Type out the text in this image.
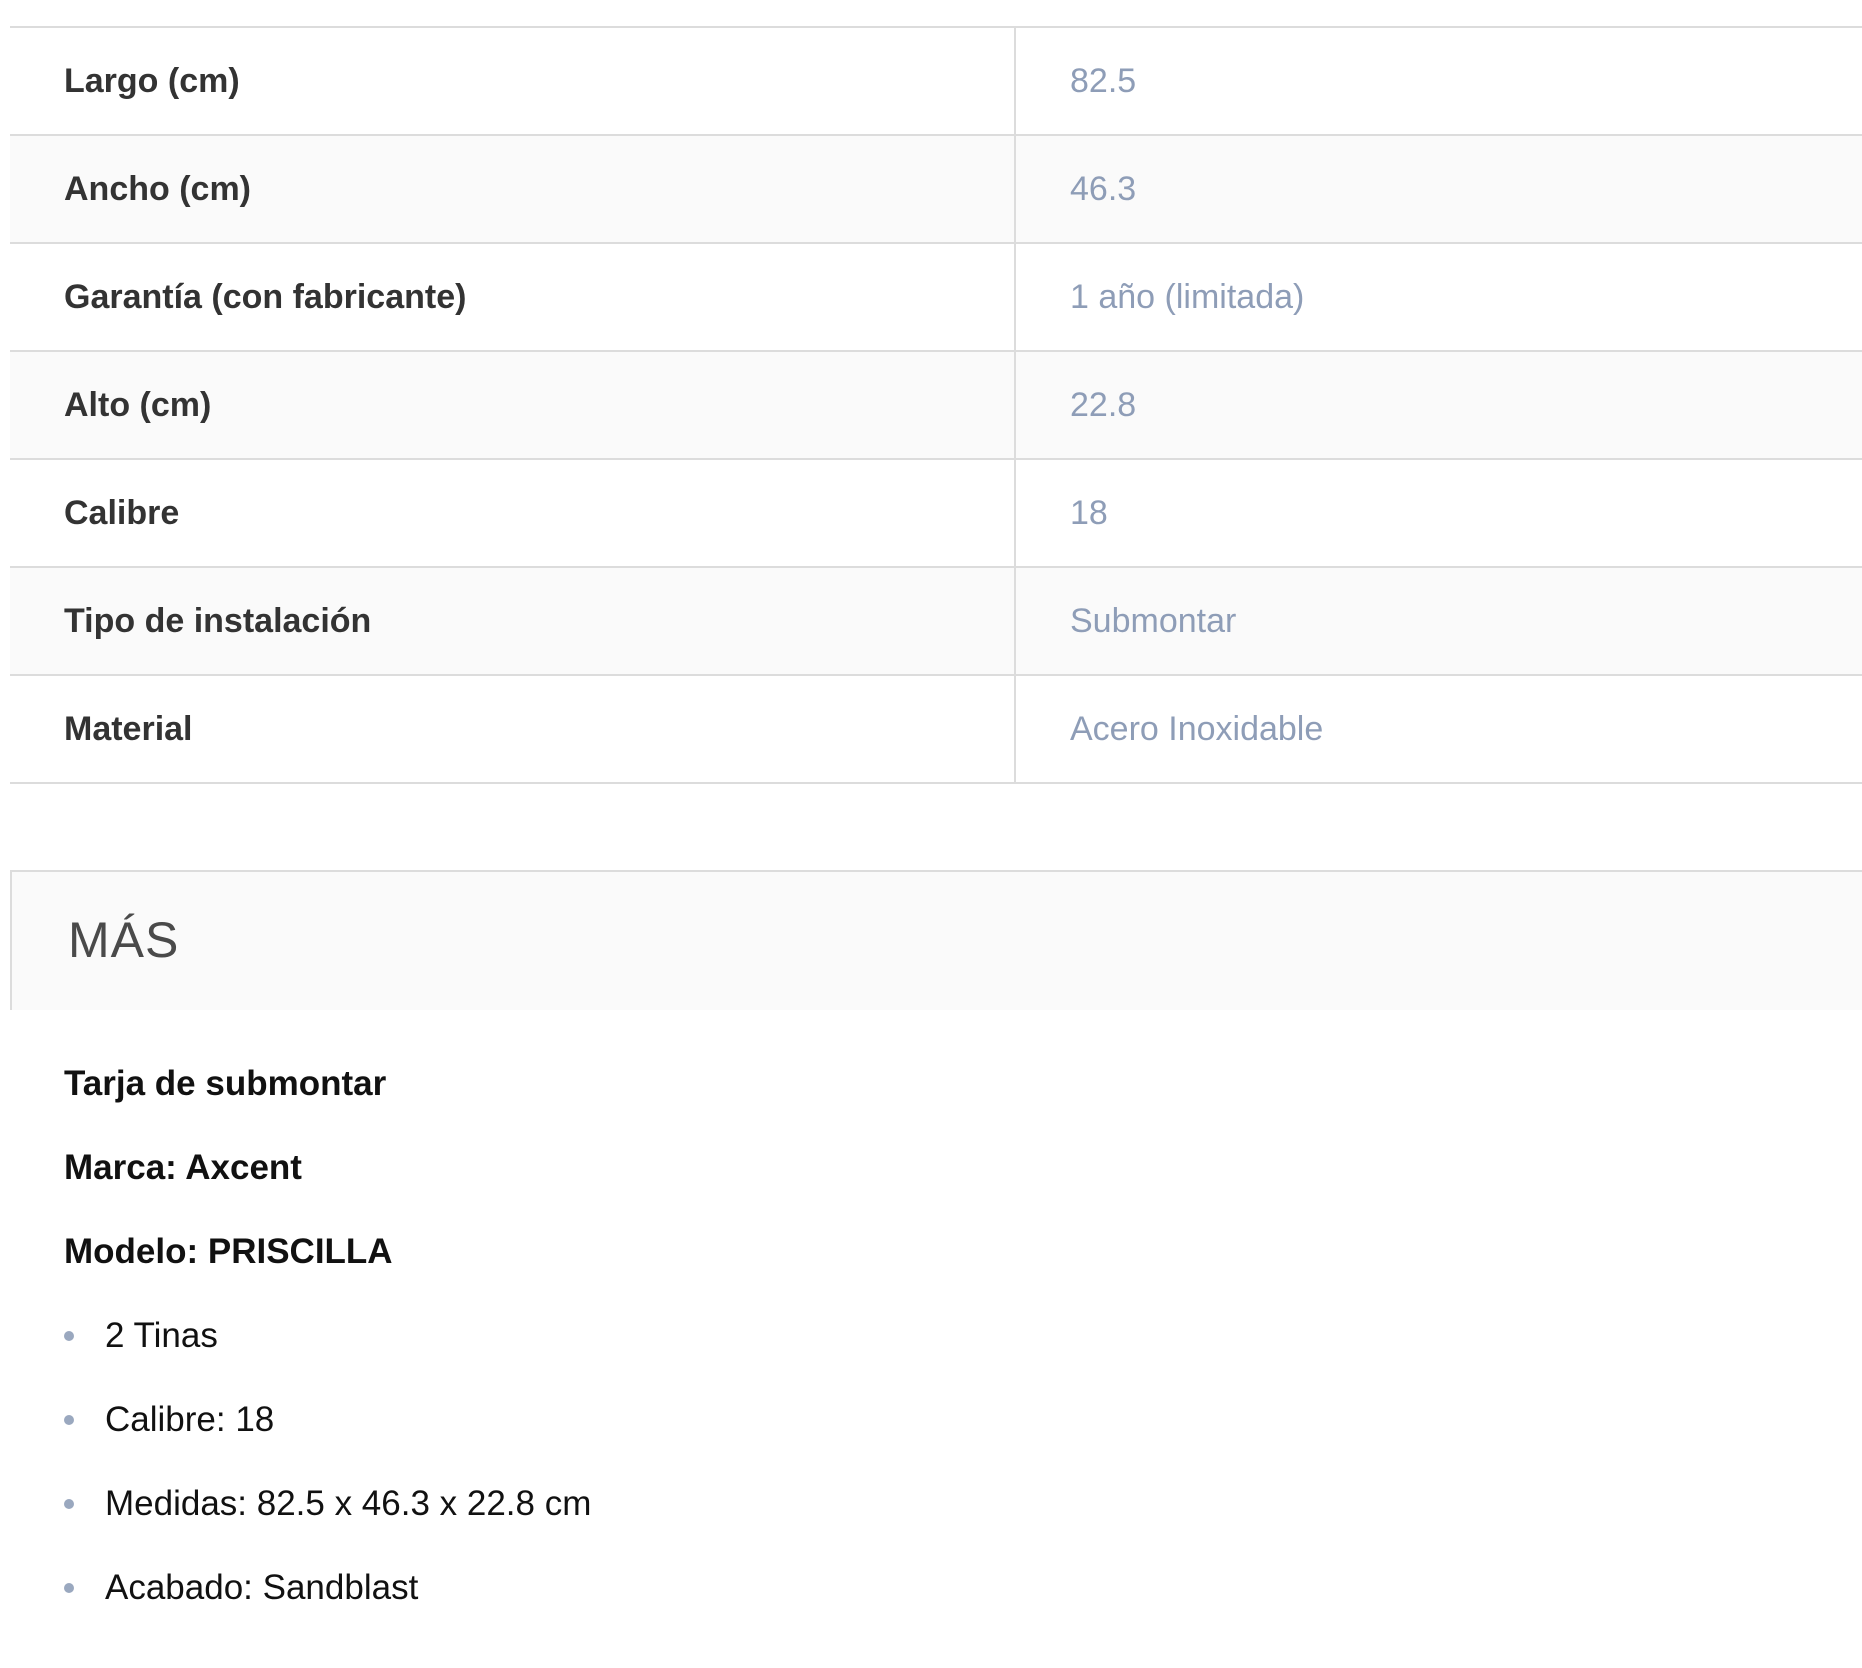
Largo (cm)	82.5
Ancho (cm)	46.3
Garantía (con fabricante)	1 año (limitada)
Alto (cm)	22.8
Calibre	18
Tipo de instalación	Submontar
Material	Acero Inoxidable
MÁS

Tarja de submontar

Marca: Axcent

Modelo: PRISCILLA

2 Tinas
Calibre: 18
Medidas: 82.5 x 46.3 x 22.8 cm
Acabado: Sandblast
